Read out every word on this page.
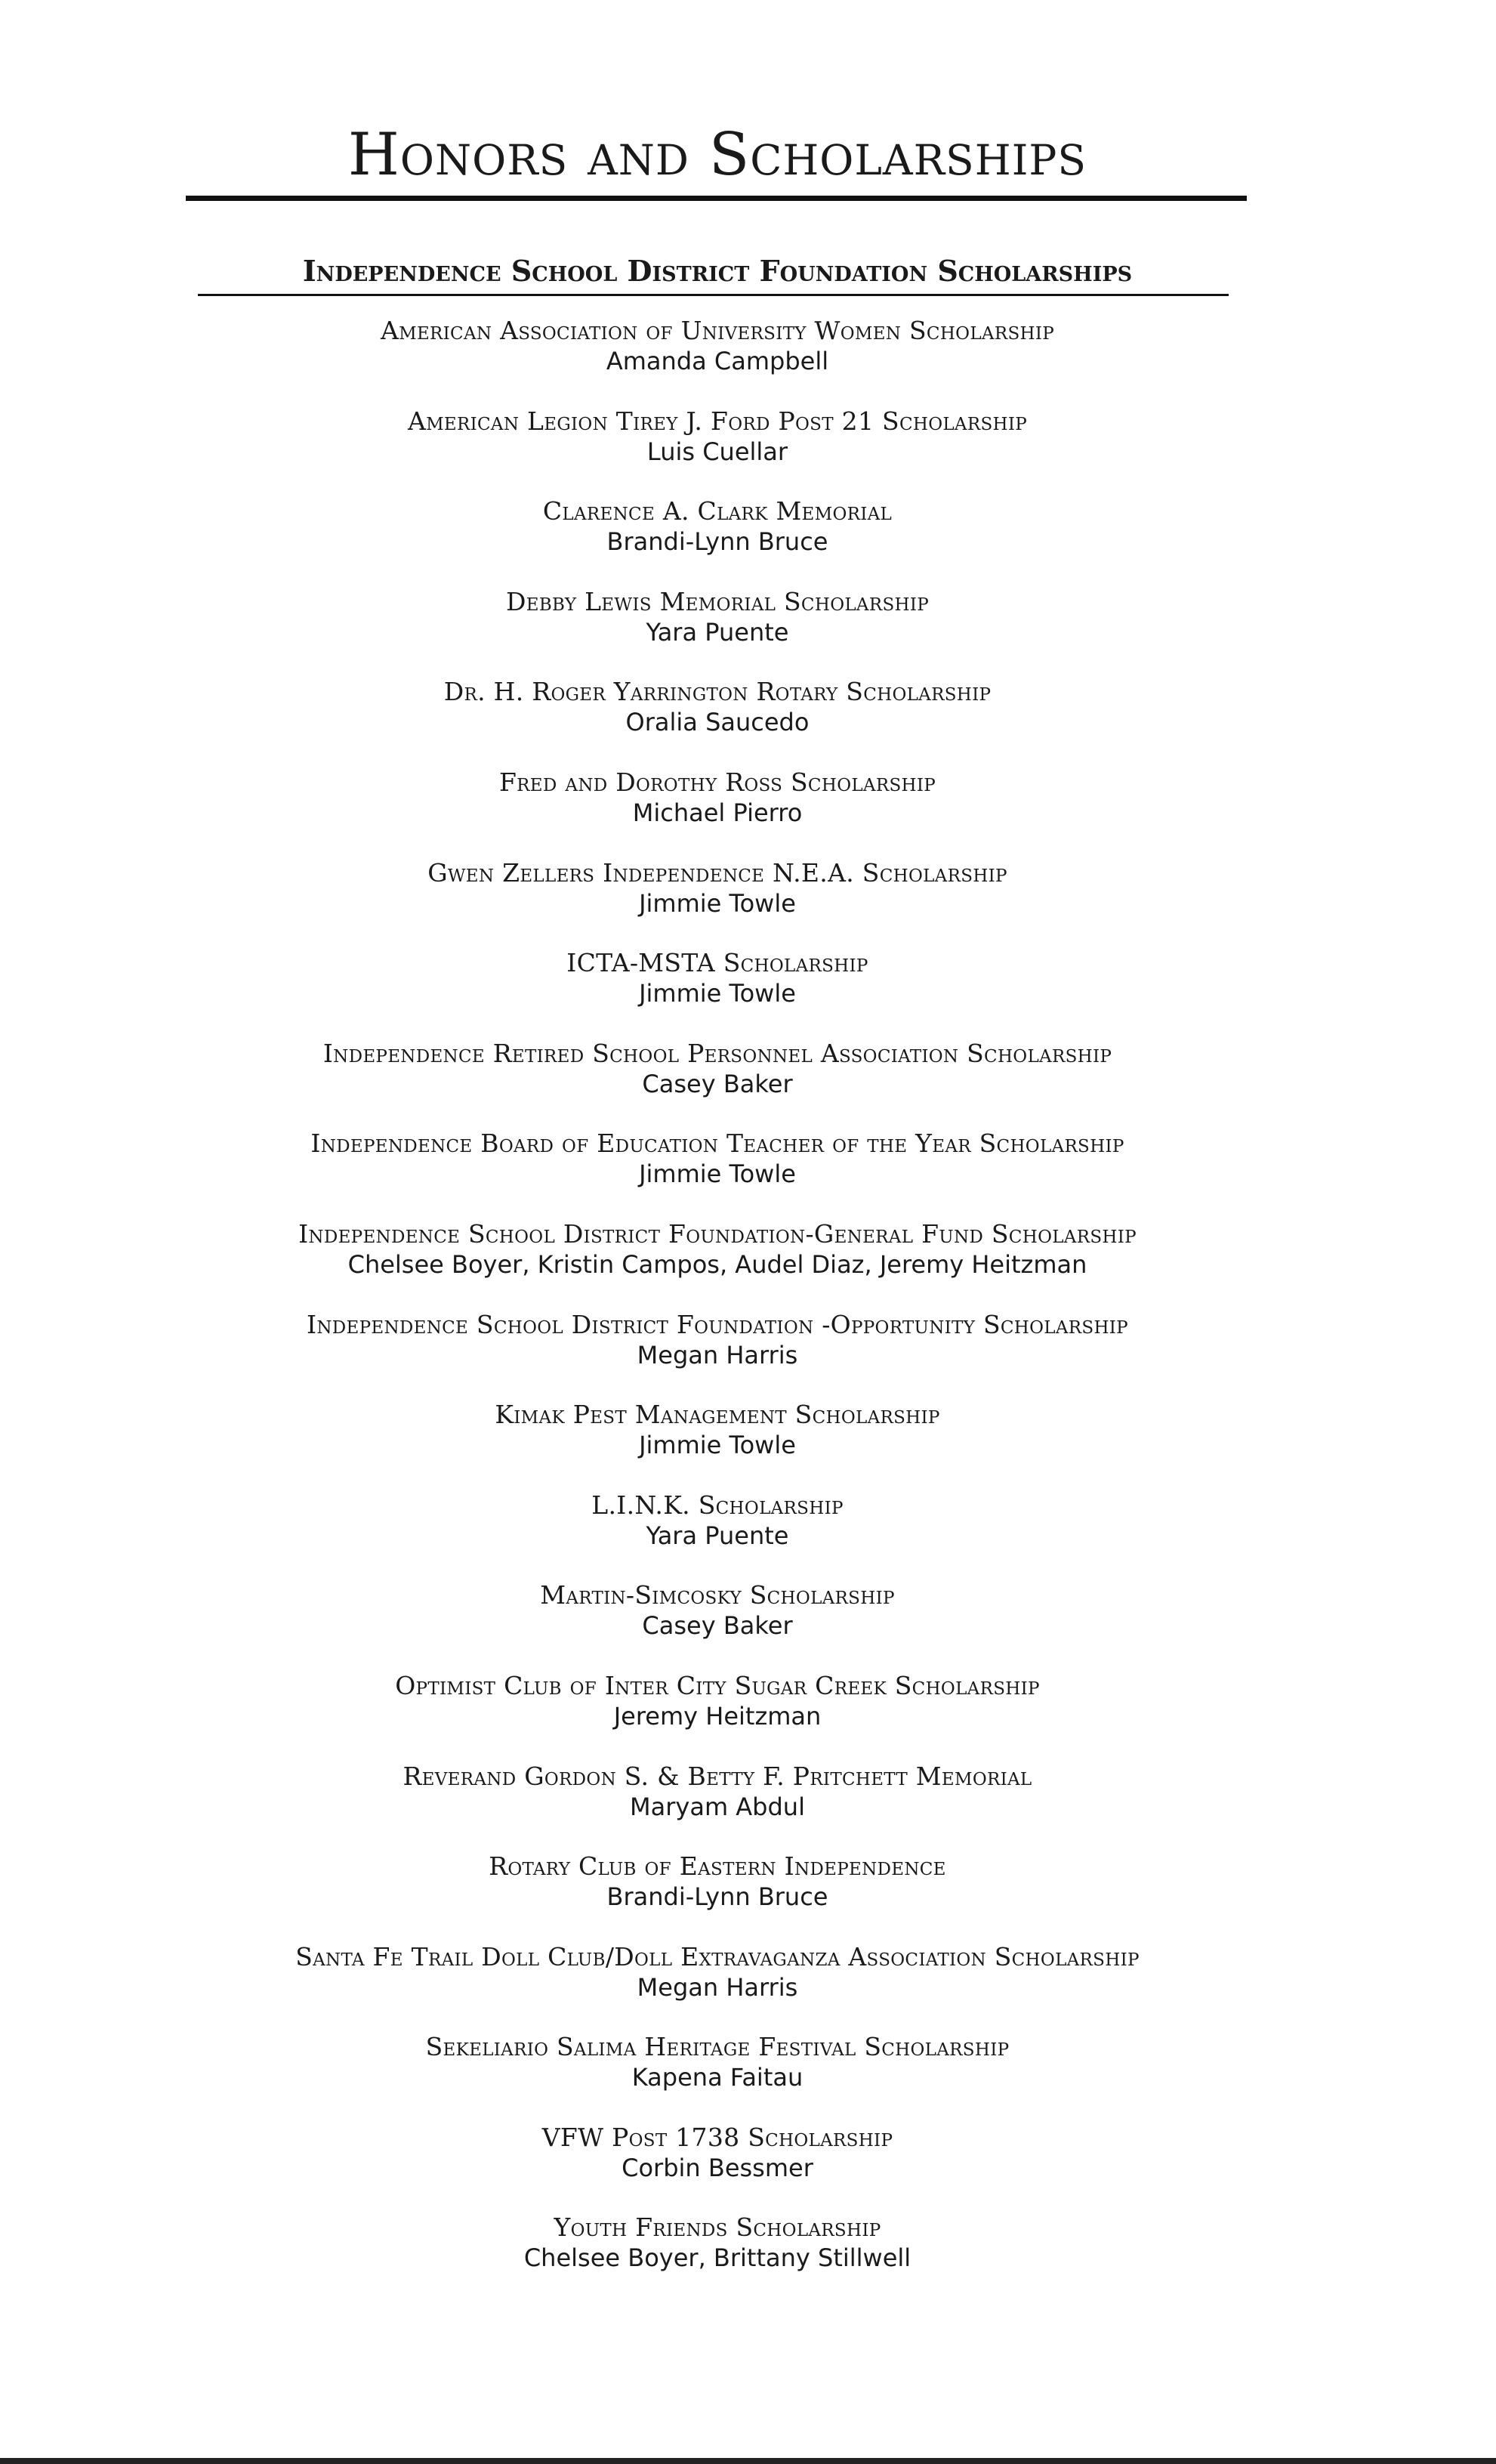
Honors and Scholarships
Independence School District Foundation Scholarships
American Association of University Women Scholarship
Amanda Campbell
American Legion Tirey J. Ford Post 21 Scholarship
Luis Cuellar
Clarence A. Clark Memorial
Brandi-Lynn Bruce
Debby Lewis Memorial Scholarship
Yara Puente
Dr. H. Roger Yarrington Rotary Scholarship
Oralia Saucedo
Fred and Dorothy Ross Scholarship
Michael Pierro
Gwen Zellers Independence N.E.A. Scholarship
Jimmie Towle
ICTA-MSTA Scholarship
Jimmie Towle
Independence Retired School Personnel Association Scholarship
Casey Baker
Independence Board of Education Teacher of the Year Scholarship
Jimmie Towle
Independence School District Foundation-General Fund Scholarship
Chelsee Boyer, Kristin Campos, Audel Diaz, Jeremy Heitzman
Independence School District Foundation -Opportunity Scholarship
Megan Harris
Kimak Pest Management Scholarship
Jimmie Towle
L.I.N.K. Scholarship
Yara Puente
Martin-Simcosky Scholarship
Casey Baker
Optimist Club of Inter City Sugar Creek Scholarship
Jeremy Heitzman
Reverand Gordon S. & Betty F. Pritchett Memorial
Maryam Abdul
Rotary Club of Eastern Independence
Brandi-Lynn Bruce
Santa Fe Trail Doll Club/Doll Extravaganza Association Scholarship
Megan Harris
Sekeliario Salima Heritage Festival Scholarship
Kapena Faitau
VFW Post 1738 Scholarship
Corbin Bessmer
Youth Friends Scholarship
Chelsee Boyer, Brittany Stillwell
